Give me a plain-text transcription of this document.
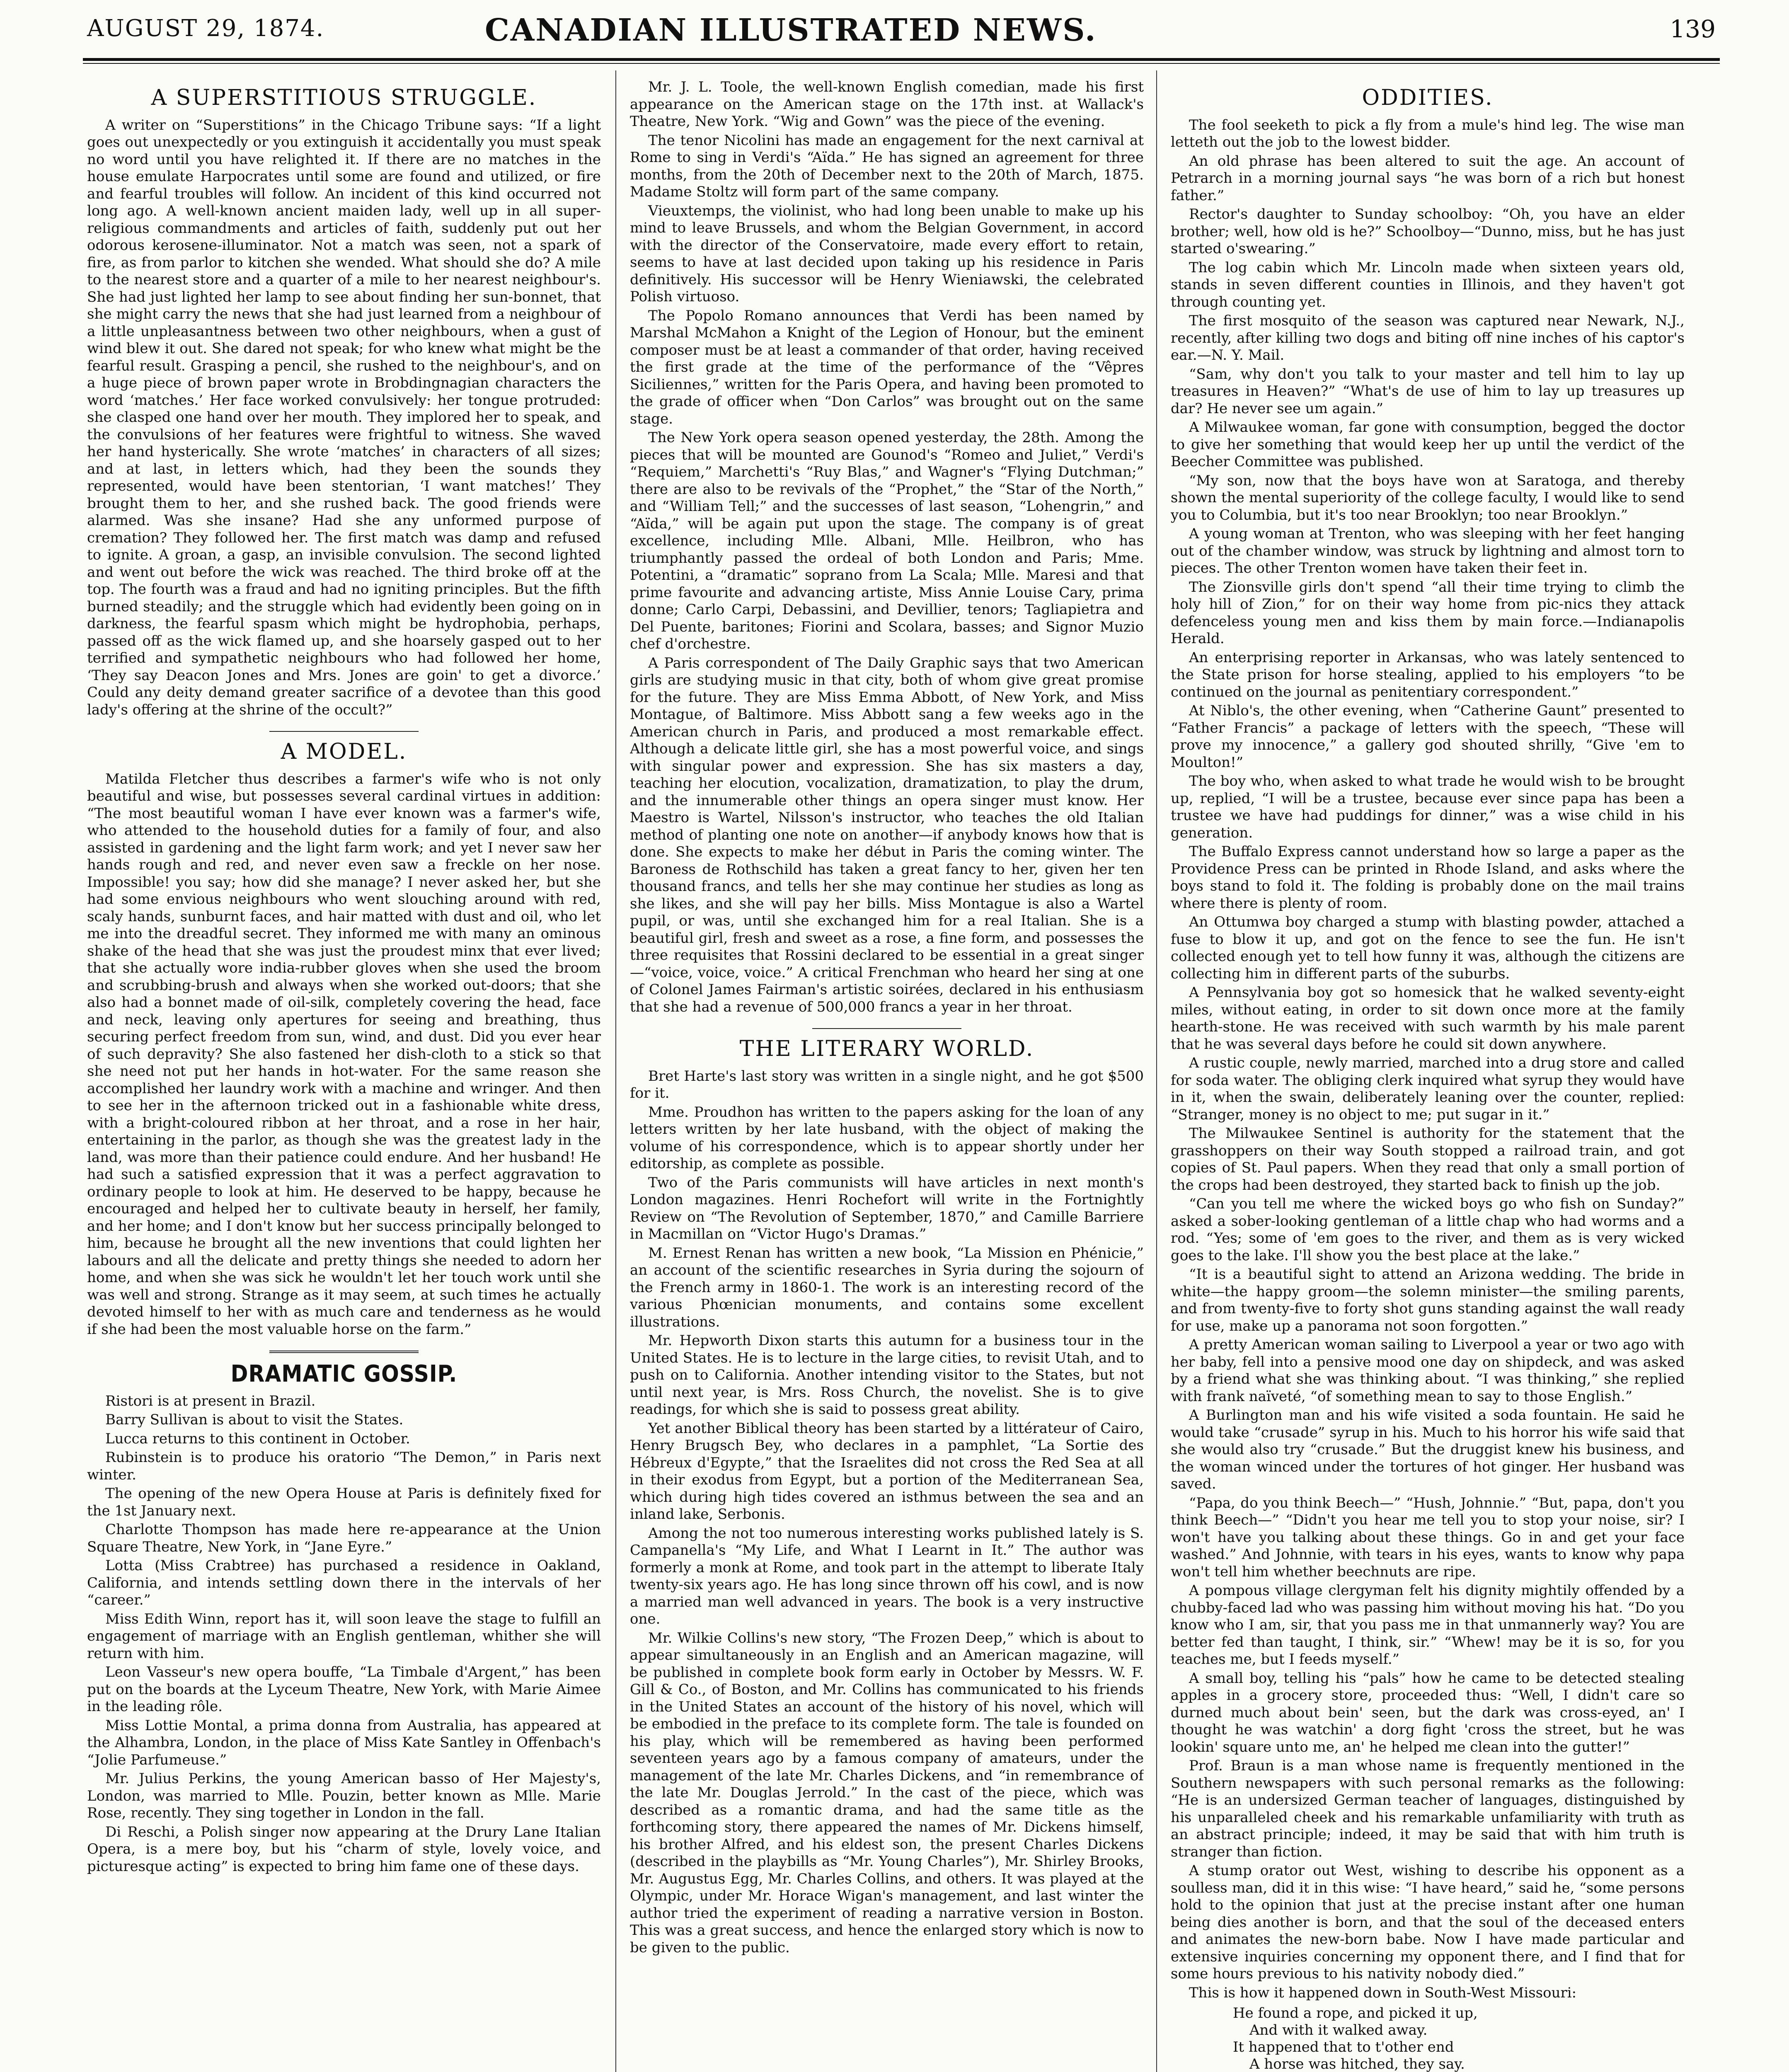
AUGUST 29, 1874.	CANADIAN ILLUSTRATED NEWS.	139
A SUPERSTITIOUS STRUGGLE.

A writer on “Superstitions” in the Chicago Tribune says: “If a light goes out unexpectedly or you extinguish it accidentally you must speak no word until you have relighted it. If there are no matches in the house emulate Harpocrates until some are found and utilized, or fire and fearful troubles will follow. An incident of this kind occurred not long ago. A well-known ancient maiden lady, well up in all super-religious commandments and articles of faith, suddenly put out her odorous kerosene-illuminator. Not a match was seen, not a spark of fire, as from parlor to kitchen she wended. What should she do? A mile to the nearest store and a quarter of a mile to her nearest neighbour's. She had just lighted her lamp to see about finding her sun-bonnet, that she might carry the news that she had just learned from a neighbour of a little unpleasantness between two other neighbours, when a gust of wind blew it out. She dared not speak; for who knew what might be the fearful result. Grasping a pencil, she rushed to the neighbour's, and on a huge piece of brown paper wrote in Brobdingnagian characters the word ‘matches.’ Her face worked convulsively: her tongue protruded: she clasped one hand over her mouth. They implored her to speak, and the convulsions of her features were frightful to witness. She waved her hand hysterically. She wrote ‘matches’ in characters of all sizes; and at last, in letters which, had they been the sounds they represented, would have been stentorian, ‘I want matches!’ They brought them to her, and she rushed back. The good friends were alarmed. Was she insane? Had she any unformed purpose of cremation? They followed her. The first match was damp and refused to ignite. A groan, a gasp, an invisible convulsion. The second lighted and went out before the wick was reached. The third broke off at the top. The fourth was a fraud and had no igniting principles. But the fifth burned steadily; and the struggle which had evidently been going on in darkness, the fearful spasm which might be hydrophobia, perhaps, passed off as the wick flamed up, and she hoarsely gasped out to her terrified and sympathetic neighbours who had followed her home, ‘They say Deacon Jones and Mrs. Jones are goin' to get a divorce.’ Could any deity demand greater sacrifice of a devotee than this good lady's offering at the shrine of the occult?”

A MODEL.

Matilda Fletcher thus describes a farmer's wife who is not only beautiful and wise, but possesses several cardinal virtues in addition: “The most beautiful woman I have ever known was a farmer's wife, who attended to the household duties for a family of four, and also assisted in gardening and the light farm work; and yet I never saw her hands rough and red, and never even saw a freckle on her nose. Impossible! you say; how did she manage? I never asked her, but she had some envious neighbours who went slouching around with red, scaly hands, sunburnt faces, and hair matted with dust and oil, who let me into the dreadful secret. They informed me with many an ominous shake of the head that she was just the proudest minx that ever lived; that she actually wore india-rubber gloves when she used the broom and scrubbing-brush and always when she worked out-doors; that she also had a bonnet made of oil-silk, completely covering the head, face and neck, leaving only apertures for seeing and breathing, thus securing perfect freedom from sun, wind, and dust. Did you ever hear of such depravity? She also fastened her dish-cloth to a stick so that she need not put her hands in hot-water. For the same reason she accomplished her laundry work with a machine and wringer. And then to see her in the afternoon tricked out in a fashionable white dress, with a bright-coloured ribbon at her throat, and a rose in her hair, entertaining in the parlor, as though she was the greatest lady in the land, was more than their patience could endure. And her husband! He had such a satisfied expression that it was a perfect aggravation to ordinary people to look at him. He deserved to be happy, because he encouraged and helped her to cultivate beauty in herself, her family, and her home; and I don't know but her success principally belonged to him, because he brought all the new inventions that could lighten her labours and all the delicate and pretty things she needed to adorn her home, and when she was sick he wouldn't let her touch work until she was well and strong. Strange as it may seem, at such times he actually devoted himself to her with as much care and tenderness as he would if she had been the most valuable horse on the farm.”

DRAMATIC GOSSIP.

Ristori is at present in Brazil.

Barry Sullivan is about to visit the States.

Lucca returns to this continent in October.

Rubinstein is to produce his oratorio “The Demon,” in Paris next winter.

The opening of the new Opera House at Paris is definitely fixed for the 1st January next.

Charlotte Thompson has made here re-appearance at the Union Square Theatre, New York, in “Jane Eyre.”

Lotta (Miss Crabtree) has purchased a residence in Oakland, California, and intends settling down there in the intervals of her “career.”

Miss Edith Winn, report has it, will soon leave the stage to fulfill an engagement of marriage with an English gentleman, whither she will return with him.

Leon Vasseur's new opera bouffe, “La Timbale d'Argent,” has been put on the boards at the Lyceum Theatre, New York, with Marie Aimee in the leading rôle.

Miss Lottie Montal, a prima donna from Australia, has appeared at the Alhambra, London, in the place of Miss Kate Santley in Offenbach's “Jolie Parfumeuse.”

Mr. Julius Perkins, the young American basso of Her Majesty's, London, was married to Mlle. Pouzin, better known as Mlle. Marie Rose, recently. They sing together in London in the fall.

Di Reschi, a Polish singer now appearing at the Drury Lane Italian Opera, is a mere boy, but his “charm of style, lovely voice, and picturesque acting” is expected to bring him fame one of these days.

Mr. J. L. Toole, the well-known English comedian, made his first appearance on the American stage on the 17th inst. at Wallack's Theatre, New York. “Wig and Gown” was the piece of the evening.

The tenor Nicolini has made an engagement for the next carnival at Rome to sing in Verdi's “Aïda.” He has signed an agreement for three months, from the 20th of December next to the 20th of March, 1875. Madame Stoltz will form part of the same company.

Vieuxtemps, the violinist, who had long been unable to make up his mind to leave Brussels, and whom the Belgian Government, in accord with the director of the Conservatoire, made every effort to retain, seems to have at last decided upon taking up his residence in Paris definitively. His successor will be Henry Wieniawski, the celebrated Polish virtuoso.

The Popolo Romano announces that Verdi has been named by Marshal McMahon a Knight of the Legion of Honour, but the eminent composer must be at least a commander of that order, having received the first grade at the time of the performance of the “Vêpres Siciliennes,” written for the Paris Opera, and having been promoted to the grade of officer when “Don Carlos” was brought out on the same stage.

The New York opera season opened yesterday, the 28th. Among the pieces that will be mounted are Gounod's “Romeo and Juliet,” Verdi's “Requiem,” Marchetti's “Ruy Blas,” and Wagner's “Flying Dutchman;” there are also to be revivals of the “Prophet,” the “Star of the North,” and “William Tell;” and the successes of last season, “Lohengrin,” and “Aïda,” will be again put upon the stage. The company is of great excellence, including Mlle. Albani, Mlle. Heilbron, who has triumphantly passed the ordeal of both London and Paris; Mme. Potentini, a “dramatic” soprano from La Scala; Mlle. Maresi and that prime favourite and advancing artiste, Miss Annie Louise Cary, prima donne; Carlo Carpi, Debassini, and Devillier, tenors; Tagliapietra and Del Puente, baritones; Fiorini and Scolara, basses; and Signor Muzio chef d'orchestre.

A Paris correspondent of The Daily Graphic says that two American girls are studying music in that city, both of whom give great promise for the future. They are Miss Emma Abbott, of New York, and Miss Montague, of Baltimore. Miss Abbott sang a few weeks ago in the American church in Paris, and produced a most remarkable effect. Although a delicate little girl, she has a most powerful voice, and sings with singular power and expression. She has six masters a day, teaching her elocution, vocalization, dramatization, to play the drum, and the innumerable other things an opera singer must know. Her Maestro is Wartel, Nilsson's instructor, who teaches the old Italian method of planting one note on another—if anybody knows how that is done. She expects to make her début in Paris the coming winter. The Baroness de Rothschild has taken a great fancy to her, given her ten thousand francs, and tells her she may continue her studies as long as she likes, and she will pay her bills. Miss Montague is also a Wartel pupil, or was, until she exchanged him for a real Italian. She is a beautiful girl, fresh and sweet as a rose, a fine form, and possesses the three requisites that Rossini declared to be essential in a great singer—“voice, voice, voice.” A critical Frenchman who heard her sing at one of Colonel James Fairman's artistic soirées, declared in his enthusiasm that she had a revenue of 500,000 francs a year in her throat.

THE LITERARY WORLD.

Bret Harte's last story was written in a single night, and he got $500 for it.

Mme. Proudhon has written to the papers asking for the loan of any letters written by her late husband, with the object of making the volume of his correspondence, which is to appear shortly under her editorship, as complete as possible.

Two of the Paris communists will have articles in next month's London magazines. Henri Rochefort will write in the Fortnightly Review on “The Revolution of September, 1870,” and Camille Barriere in Macmillan on “Victor Hugo's Dramas.”

M. Ernest Renan has written a new book, “La Mission en Phénicie,” an account of the scientific researches in Syria during the sojourn of the French army in 1860-1. The work is an interesting record of the various Phœnician monuments, and contains some excellent illustrations.

Mr. Hepworth Dixon starts this autumn for a business tour in the United States. He is to lecture in the large cities, to revisit Utah, and to push on to California. Another intending visitor to the States, but not until next year, is Mrs. Ross Church, the novelist. She is to give readings, for which she is said to possess great ability.

Yet another Biblical theory has been started by a littérateur of Cairo, Henry Brugsch Bey, who declares in a pamphlet, “La Sortie des Hébreux d'Egypte,” that the Israelites did not cross the Red Sea at all in their exodus from Egypt, but a portion of the Mediterranean Sea, which during high tides covered an isthmus between the sea and an inland lake, Serbonis.

Among the not too numerous interesting works published lately is S. Campanella's “My Life, and What I Learnt in It.” The author was formerly a monk at Rome, and took part in the attempt to liberate Italy twenty-six years ago. He has long since thrown off his cowl, and is now a married man well advanced in years. The book is a very instructive one.

Mr. Wilkie Collins's new story, “The Frozen Deep,” which is about to appear simultaneously in an English and an American magazine, will be published in complete book form early in October by Messrs. W. F. Gill & Co., of Boston, and Mr. Collins has communicated to his friends in the United States an account of the history of his novel, which will be embodied in the preface to its complete form. The tale is founded on his play, which will be remembered as having been performed seventeen years ago by a famous company of amateurs, under the management of the late Mr. Charles Dickens, and “in remembrance of the late Mr. Douglas Jerrold.” In the cast of the piece, which was described as a romantic drama, and had the same title as the forthcoming story, there appeared the names of Mr. Dickens himself, his brother Alfred, and his eldest son, the present Charles Dickens (described in the playbills as “Mr. Young Charles”), Mr. Shirley Brooks, Mr. Augustus Egg, Mr. Charles Collins, and others. It was played at the Olympic, under Mr. Horace Wigan's management, and last winter the author tried the experiment of reading a narrative version in Boston. This was a great success, and hence the enlarged story which is now to be given to the public.

ODDITIES.

The fool seeketh to pick a fly from a mule's hind leg. The wise man letteth out the job to the lowest bidder.

An old phrase has been altered to suit the age. An account of Petrarch in a morning journal says “he was born of a rich but honest father.”

Rector's daughter to Sunday schoolboy: “Oh, you have an elder brother; well, how old is he?” Schoolboy—“Dunno, miss, but he has just started o'swearing.”

The log cabin which Mr. Lincoln made when sixteen years old, stands in seven different counties in Illinois, and they haven't got through counting yet.

The first mosquito of the season was captured near Newark, N.J., recently, after killing two dogs and biting off nine inches of his captor's ear.—N. Y. Mail.

“Sam, why don't you talk to your master and tell him to lay up treasures in Heaven?” “What's de use of him to lay up treasures up dar? He never see um again.”

A Milwaukee woman, far gone with consumption, begged the doctor to give her something that would keep her up until the verdict of the Beecher Committee was published.

“My son, now that the boys have won at Saratoga, and thereby shown the mental superiority of the college faculty, I would like to send you to Columbia, but it's too near Brooklyn; too near Brooklyn.”

A young woman at Trenton, who was sleeping with her feet hanging out of the chamber window, was struck by lightning and almost torn to pieces. The other Trenton women have taken their feet in.

The Zionsville girls don't spend “all their time trying to climb the holy hill of Zion,” for on their way home from pic-nics they attack defenceless young men and kiss them by main force.—Indianapolis Herald.

An enterprising reporter in Arkansas, who was lately sentenced to the State prison for horse stealing, applied to his employers “to be continued on the journal as penitentiary correspondent.”

At Niblo's, the other evening, when “Catherine Gaunt” presented to “Father Francis” a package of letters with the speech, “These will prove my innocence,” a gallery god shouted shrilly, “Give 'em to Moulton!”

The boy who, when asked to what trade he would wish to be brought up, replied, “I will be a trustee, because ever since papa has been a trustee we have had puddings for dinner,” was a wise child in his generation.

The Buffalo Express cannot understand how so large a paper as the Providence Press can be printed in Rhode Island, and asks where the boys stand to fold it. The folding is probably done on the mail trains where there is plenty of room.

An Ottumwa boy charged a stump with blasting powder, attached a fuse to blow it up, and got on the fence to see the fun. He isn't collected enough yet to tell how funny it was, although the citizens are collecting him in different parts of the suburbs.

A Pennsylvania boy got so homesick that he walked seventy-eight miles, without eating, in order to sit down once more at the family hearth-stone. He was received with such warmth by his male parent that he was several days before he could sit down anywhere.

A rustic couple, newly married, marched into a drug store and called for soda water. The obliging clerk inquired what syrup they would have in it, when the swain, deliberately leaning over the counter, replied: “Stranger, money is no object to me; put sugar in it.”

The Milwaukee Sentinel is authority for the statement that the grasshoppers on their way South stopped a railroad train, and got copies of St. Paul papers. When they read that only a small portion of the crops had been destroyed, they started back to finish up the job.

“Can you tell me where the wicked boys go who fish on Sunday?” asked a sober-looking gentleman of a little chap who had worms and a rod. “Yes; some of 'em goes to the river, and them as is very wicked goes to the lake. I'll show you the best place at the lake.”

“It is a beautiful sight to attend an Arizona wedding. The bride in white—the happy groom—the solemn minister—the smiling parents, and from twenty-five to forty shot guns standing against the wall ready for use, make up a panorama not soon forgotten.”

A pretty American woman sailing to Liverpool a year or two ago with her baby, fell into a pensive mood one day on shipdeck, and was asked by a friend what she was thinking about. “I was thinking,” she replied with frank naïveté, “of something mean to say to those English.”

A Burlington man and his wife visited a soda fountain. He said he would take “crusade” syrup in his. Much to his horror his wife said that she would also try “crusade.” But the druggist knew his business, and the woman winced under the tortures of hot ginger. Her husband was saved.

“Papa, do you think Beech—” “Hush, Johnnie.” “But, papa, don't you think Beech—” “Didn't you hear me tell you to stop your noise, sir? I won't have you talking about these things. Go in and get your face washed.” And Johnnie, with tears in his eyes, wants to know why papa won't tell him whether beechnuts are ripe.

A pompous village clergyman felt his dignity mightily offended by a chubby-faced lad who was passing him without moving his hat. “Do you know who I am, sir, that you pass me in that unmannerly way? You are better fed than taught, I think, sir.” “Whew! may be it is so, for you teaches me, but I feeds myself.”

A small boy, telling his “pals” how he came to be detected stealing apples in a grocery store, proceeded thus: “Well, I didn't care so durned much about bein' seen, but the dark was cross-eyed, an' I thought he was watchin' a dorg fight 'cross the street, but he was lookin' square unto me, an' he helped me clean into the gutter!”

Prof. Braun is a man whose name is frequently mentioned in the Southern newspapers with such personal remarks as the following: “He is an undersized German teacher of languages, distinguished by his unparalleled cheek and his remarkable unfamiliarity with truth as an abstract principle; indeed, it may be said that with him truth is stranger than fiction.

A stump orator out West, wishing to describe his opponent as a soulless man, did it in this wise: “I have heard,” said he, “some persons hold to the opinion that just at the precise instant after one human being dies another is born, and that the soul of the deceased enters and animates the new-born babe. Now I have made particular and extensive inquiries concerning my opponent there, and I find that for some hours previous to his nativity nobody died.”

This is how it happened down in South-West Missouri:

He found a rope, and picked it up,
And with it walked away.
It happened that to t'other end
A horse was hitched, they say.
